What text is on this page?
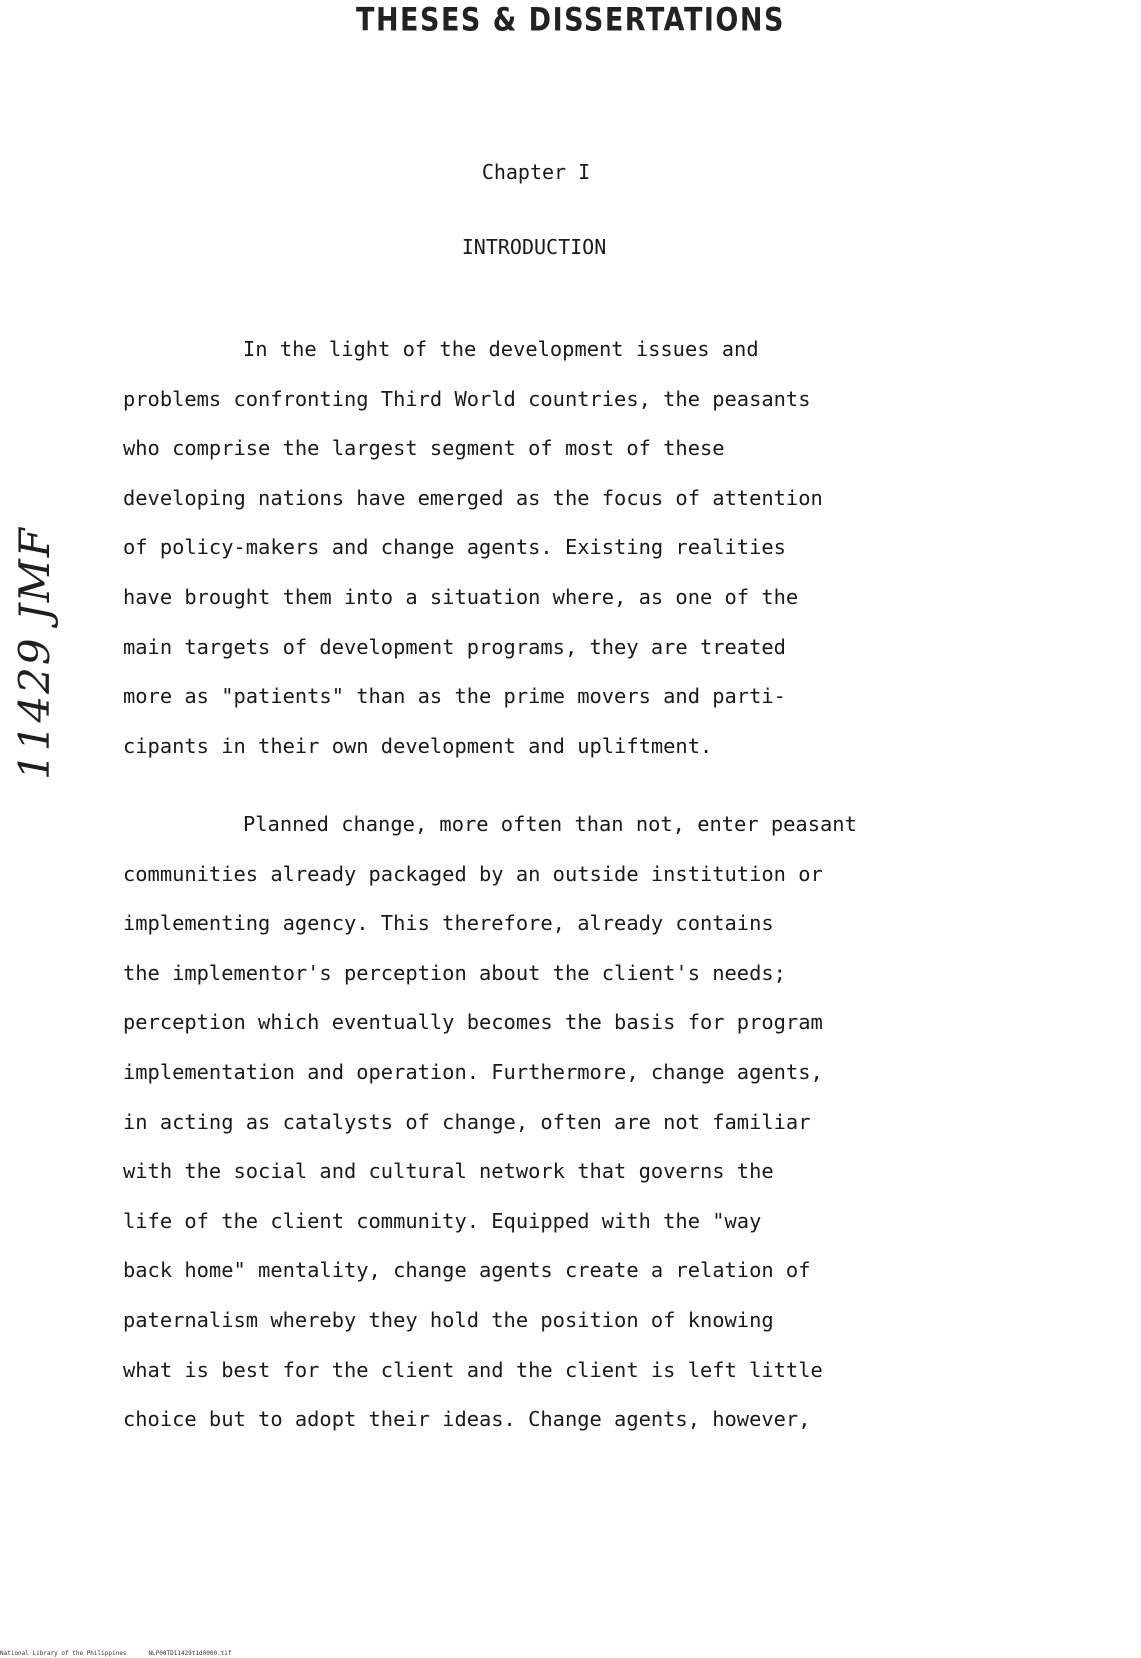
THESES & DISSERTATIONS
Chapter I
INTRODUCTION
In the light of the development issues and
problems confronting Third World countries, the peasants
who comprise the largest segment of most of these
developing nations have emerged as the focus of attention
of policy-makers and change agents. Existing realities
have brought them into a situation where, as one of the
main targets of development programs, they are treated
more as "patients" than as the prime movers and parti-
cipants in their own development and upliftment.
Planned change, more often than not, enter peasant
communities already packaged by an outside institution or
implementing agency. This therefore, already contains
the implementor's perception about the client's needs;
perception which eventually becomes the basis for program
implementation and operation. Furthermore, change agents,
in acting as catalysts of change, often are not familiar
with the social and cultural network that governs the
life of the client community. Equipped with the "way
back home" mentality, change agents create a relation of
paternalism whereby they hold the position of knowing
what is best for the client and the client is left little
choice but to adopt their ideas. Change agents, however,
11429 JMF
National Library of the Philippines	NLP00TD11429t1d0000.tif
